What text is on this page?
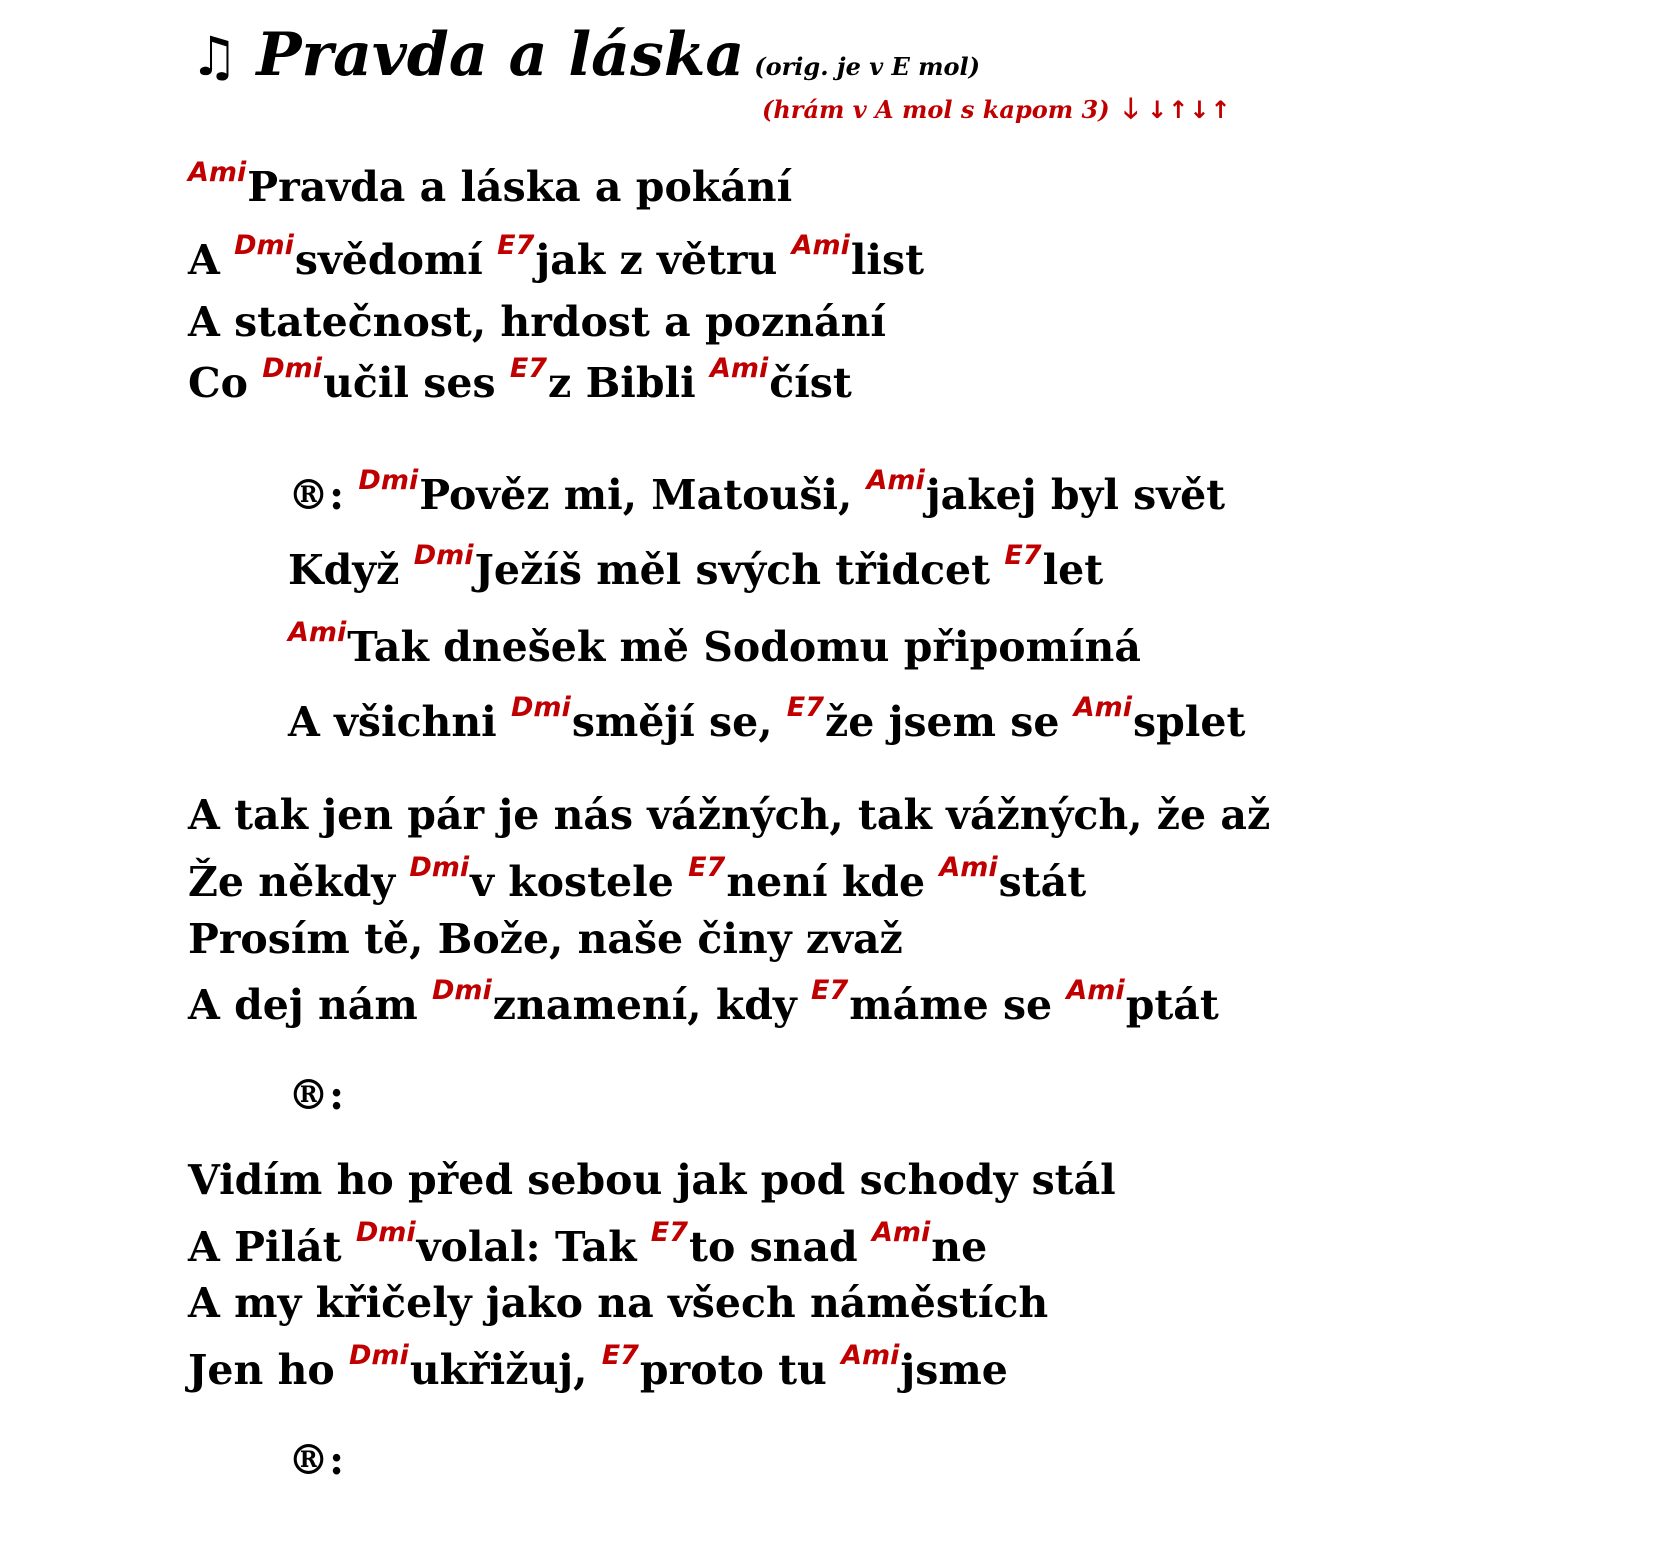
♫ Pravda a láska (orig. je v E mol)
(hrám v A mol s kapom 3) 🡓 ↓↑↓↑
$^{Ami}$Pravda a láska a pokání
A $^{Dmi}$svědomí $^{E7}$jak z větru $^{Ami}$list
A statečnost, hrdost a poznání
Co $^{Dmi}$učil ses $^{E7}$z Bibli $^{Ami}$číst
®: $^{Dmi}$Pověz mi, Matouši, $^{Ami}$jakej byl svět
Když $^{Dmi}$Ježíš měl svých třidcet $^{E7}$let
$^{Ami}$Tak dnešek mě Sodomu připomíná
A všichni $^{Dmi}$smějí se, $^{E7}$že jsem se $^{Ami}$splet
A tak jen pár je nás vážných, tak vážných, že až
Že někdy $^{Dmi}$v kostele $^{E7}$není kde $^{Ami}$stát
Prosím tě, Bože, naše činy zvaž
A dej nám $^{Dmi}$znamení, kdy $^{E7}$máme se $^{Ami}$ptát
®:
Vidím ho před sebou jak pod schody stál
A Pilát $^{Dmi}$volal: Tak $^{E7}$to snad $^{Ami}$ne
A my křičely jako na všech náměstích
Jen ho $^{Dmi}$ukřižuj, $^{E7}$proto tu $^{Ami}$jsme
®:
